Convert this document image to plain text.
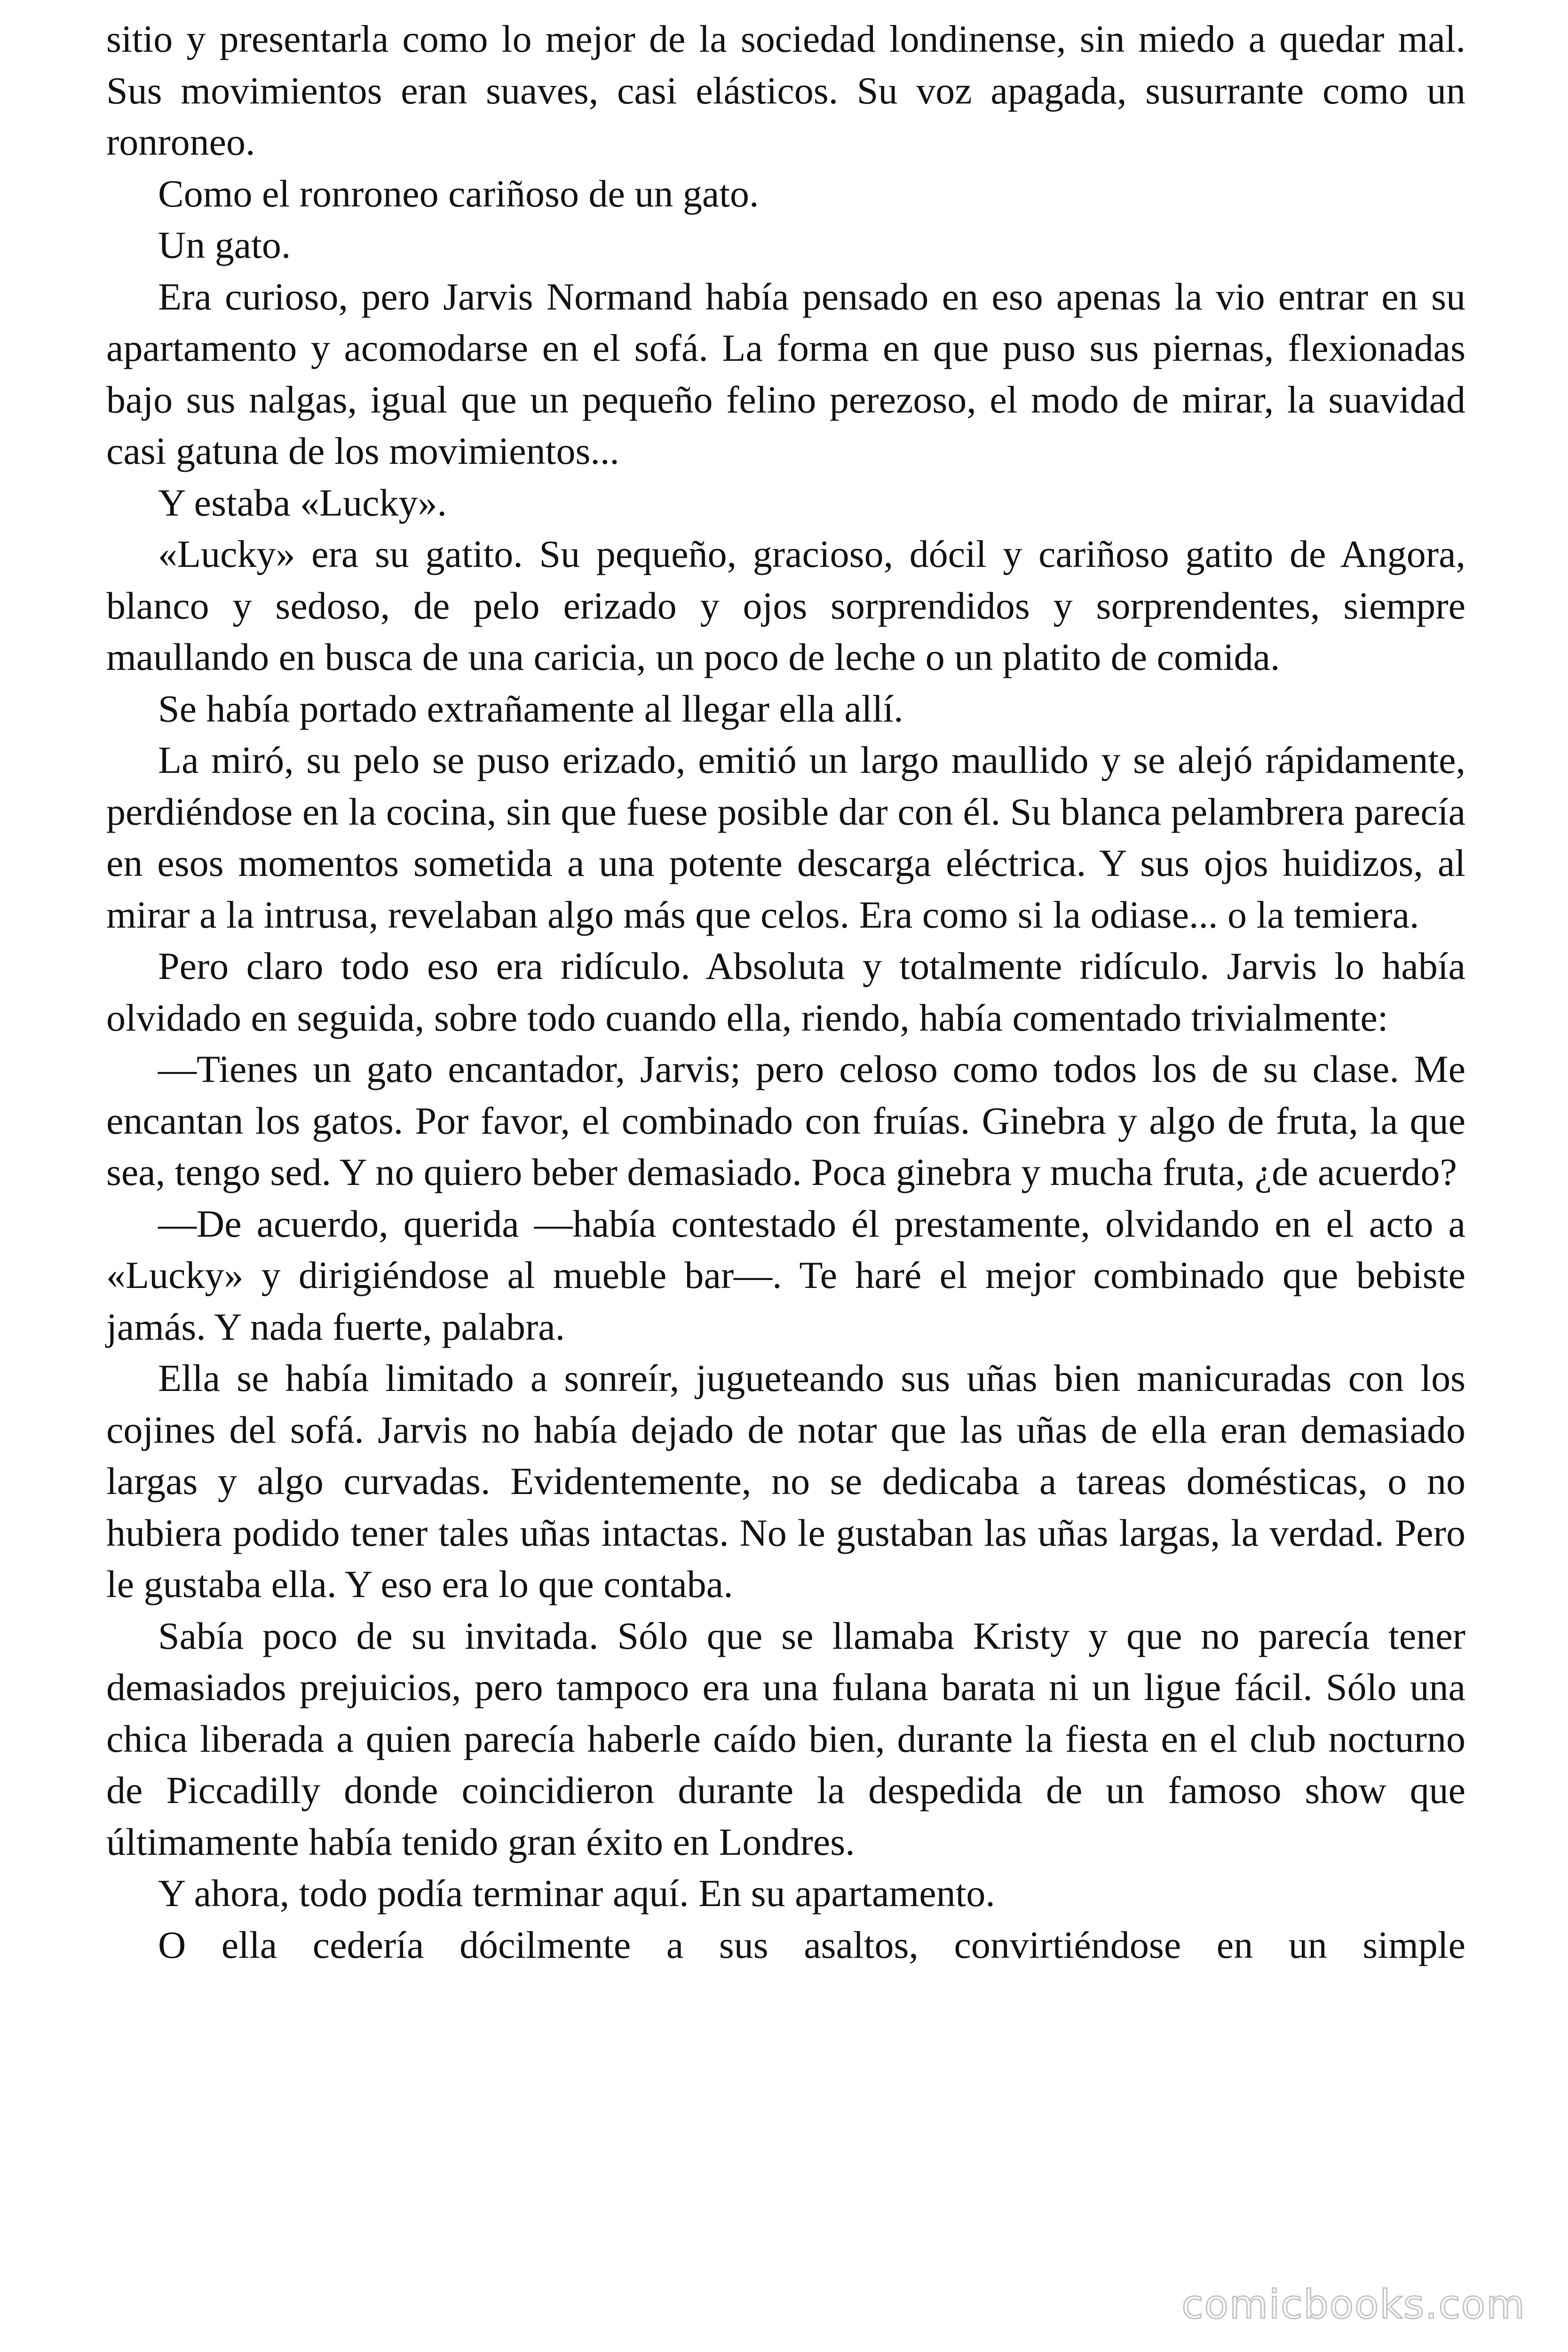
sitio y presentarla como lo mejor de la sociedad londinense, sin miedo a quedar mal. Sus movimientos eran suaves, casi elásticos. Su voz apagada, susurrante como un ronroneo.

Como el ronroneo cariñoso de un gato.

Un gato.

Era curioso, pero Jarvis Normand había pensado en eso apenas la vio entrar en su apartamento y acomodarse en el sofá. La forma en que puso sus piernas, flexionadas bajo sus nalgas, igual que un pequeño felino perezoso, el modo de mirar, la suavidad casi gatuna de los movimientos...

Y estaba «Lucky».

«Lucky» era su gatito. Su pequeño, gracioso, dócil y cariñoso gatito de Angora, blanco y sedoso, de pelo erizado y ojos sorprendidos y sorprendentes, siempre maullando en busca de una caricia, un poco de leche o un platito de comida.

Se había portado extrañamente al llegar ella allí.

La miró, su pelo se puso erizado, emitió un largo maullido y se alejó rápidamente, perdiéndose en la cocina, sin que fuese posible dar con él. Su blanca pelambrera parecía en esos momentos sometida a una potente descarga eléctrica. Y sus ojos huidizos, al mirar a la intrusa, revelaban algo más que celos. Era como si la odiase... o la temiera.

Pero claro todo eso era ridículo. Absoluta y totalmente ridículo. Jarvis lo había olvidado en seguida, sobre todo cuando ella, riendo, había comentado trivialmente:

—Tienes un gato encantador, Jarvis; pero celoso como todos los de su clase. Me encantan los gatos. Por favor, el combinado con fruías. Ginebra y algo de fruta, la que sea, tengo sed. Y no quiero beber demasiado. Poca ginebra y mucha fruta, ¿de acuerdo?

—De acuerdo, querida —había contestado él prestamente, olvidando en el acto a «Lucky» y dirigiéndose al mueble bar—. Te haré el mejor combinado que bebiste jamás. Y nada fuerte, palabra.

Ella se había limitado a sonreír, jugueteando sus uñas bien manicuradas con los cojines del sofá. Jarvis no había dejado de notar que las uñas de ella eran demasiado largas y algo curvadas. Evidentemente, no se dedicaba a tareas domésticas, o no hubiera podido tener tales uñas intactas. No le gustaban las uñas largas, la verdad. Pero le gustaba ella. Y eso era lo que contaba.

Sabía poco de su invitada. Sólo que se llamaba Kristy y que no parecía tener demasiados prejuicios, pero tampoco era una fulana barata ni un ligue fácil. Sólo una chica liberada a quien parecía haberle caído bien, durante la fiesta en el club nocturno de Piccadilly donde coincidieron durante la despedida de un famoso show que últimamente había tenido gran éxito en Londres.

Y ahora, todo podía terminar aquí. En su apartamento.

O ella cedería dócilmente a sus asaltos, convirtiéndose en un simple

comicbooks.com
